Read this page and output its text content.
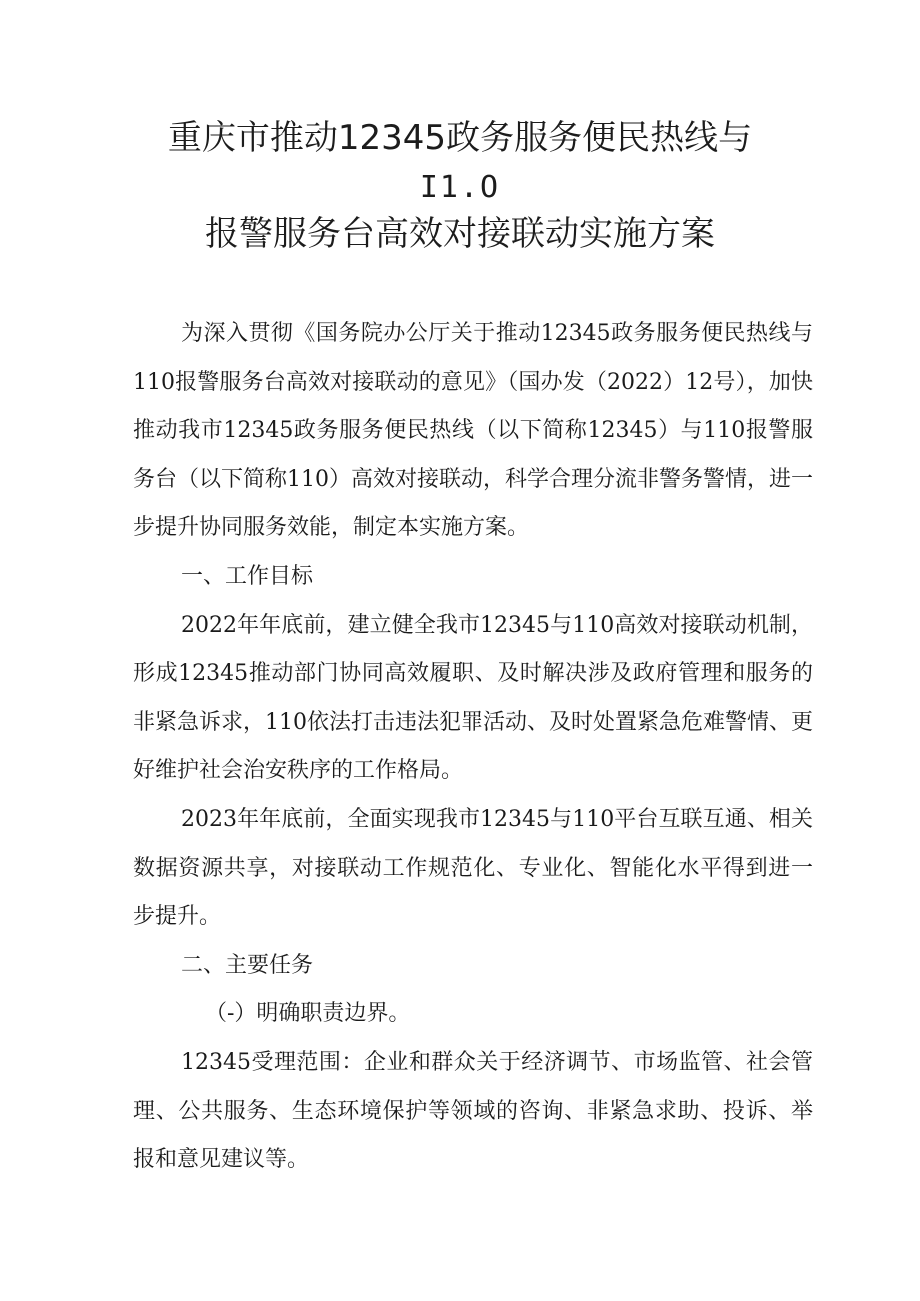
重庆市推动12345政务服务便民热线与
I1.O
报警服务台高效对接联动实施方案

为深入贯彻《国务院办公厅关于推动12345政务服务便民热线与110报警服务台高效对接联动的意见》（国办发（2022）12号），加快推动我市12345政务服务便民热线（以下简称12345）与110报警服务台（以下简称110）高效对接联动，科学合理分流非警务警情，进一步提升协同服务效能，制定本实施方案。

一、工作目标

2022年年底前，建立健全我市12345与110高效对接联动机制，形成12345推动部门协同高效履职、及时解决涉及政府管理和服务的非紧急诉求，110依法打击违法犯罪活动、及时处置紧急危难警情、更好维护社会治安秩序的工作格局。

2023年年底前，全面实现我市12345与110平台互联互通、相关数据资源共享，对接联动工作规范化、专业化、智能化水平得到进一步提升。

二、主要任务

（-）明确职责边界。

12345受理范围：企业和群众关于经济调节、市场监管、社会管理、公共服务、生态环境保护等领域的咨询、非紧急求助、投诉、举报和意见建议等。
